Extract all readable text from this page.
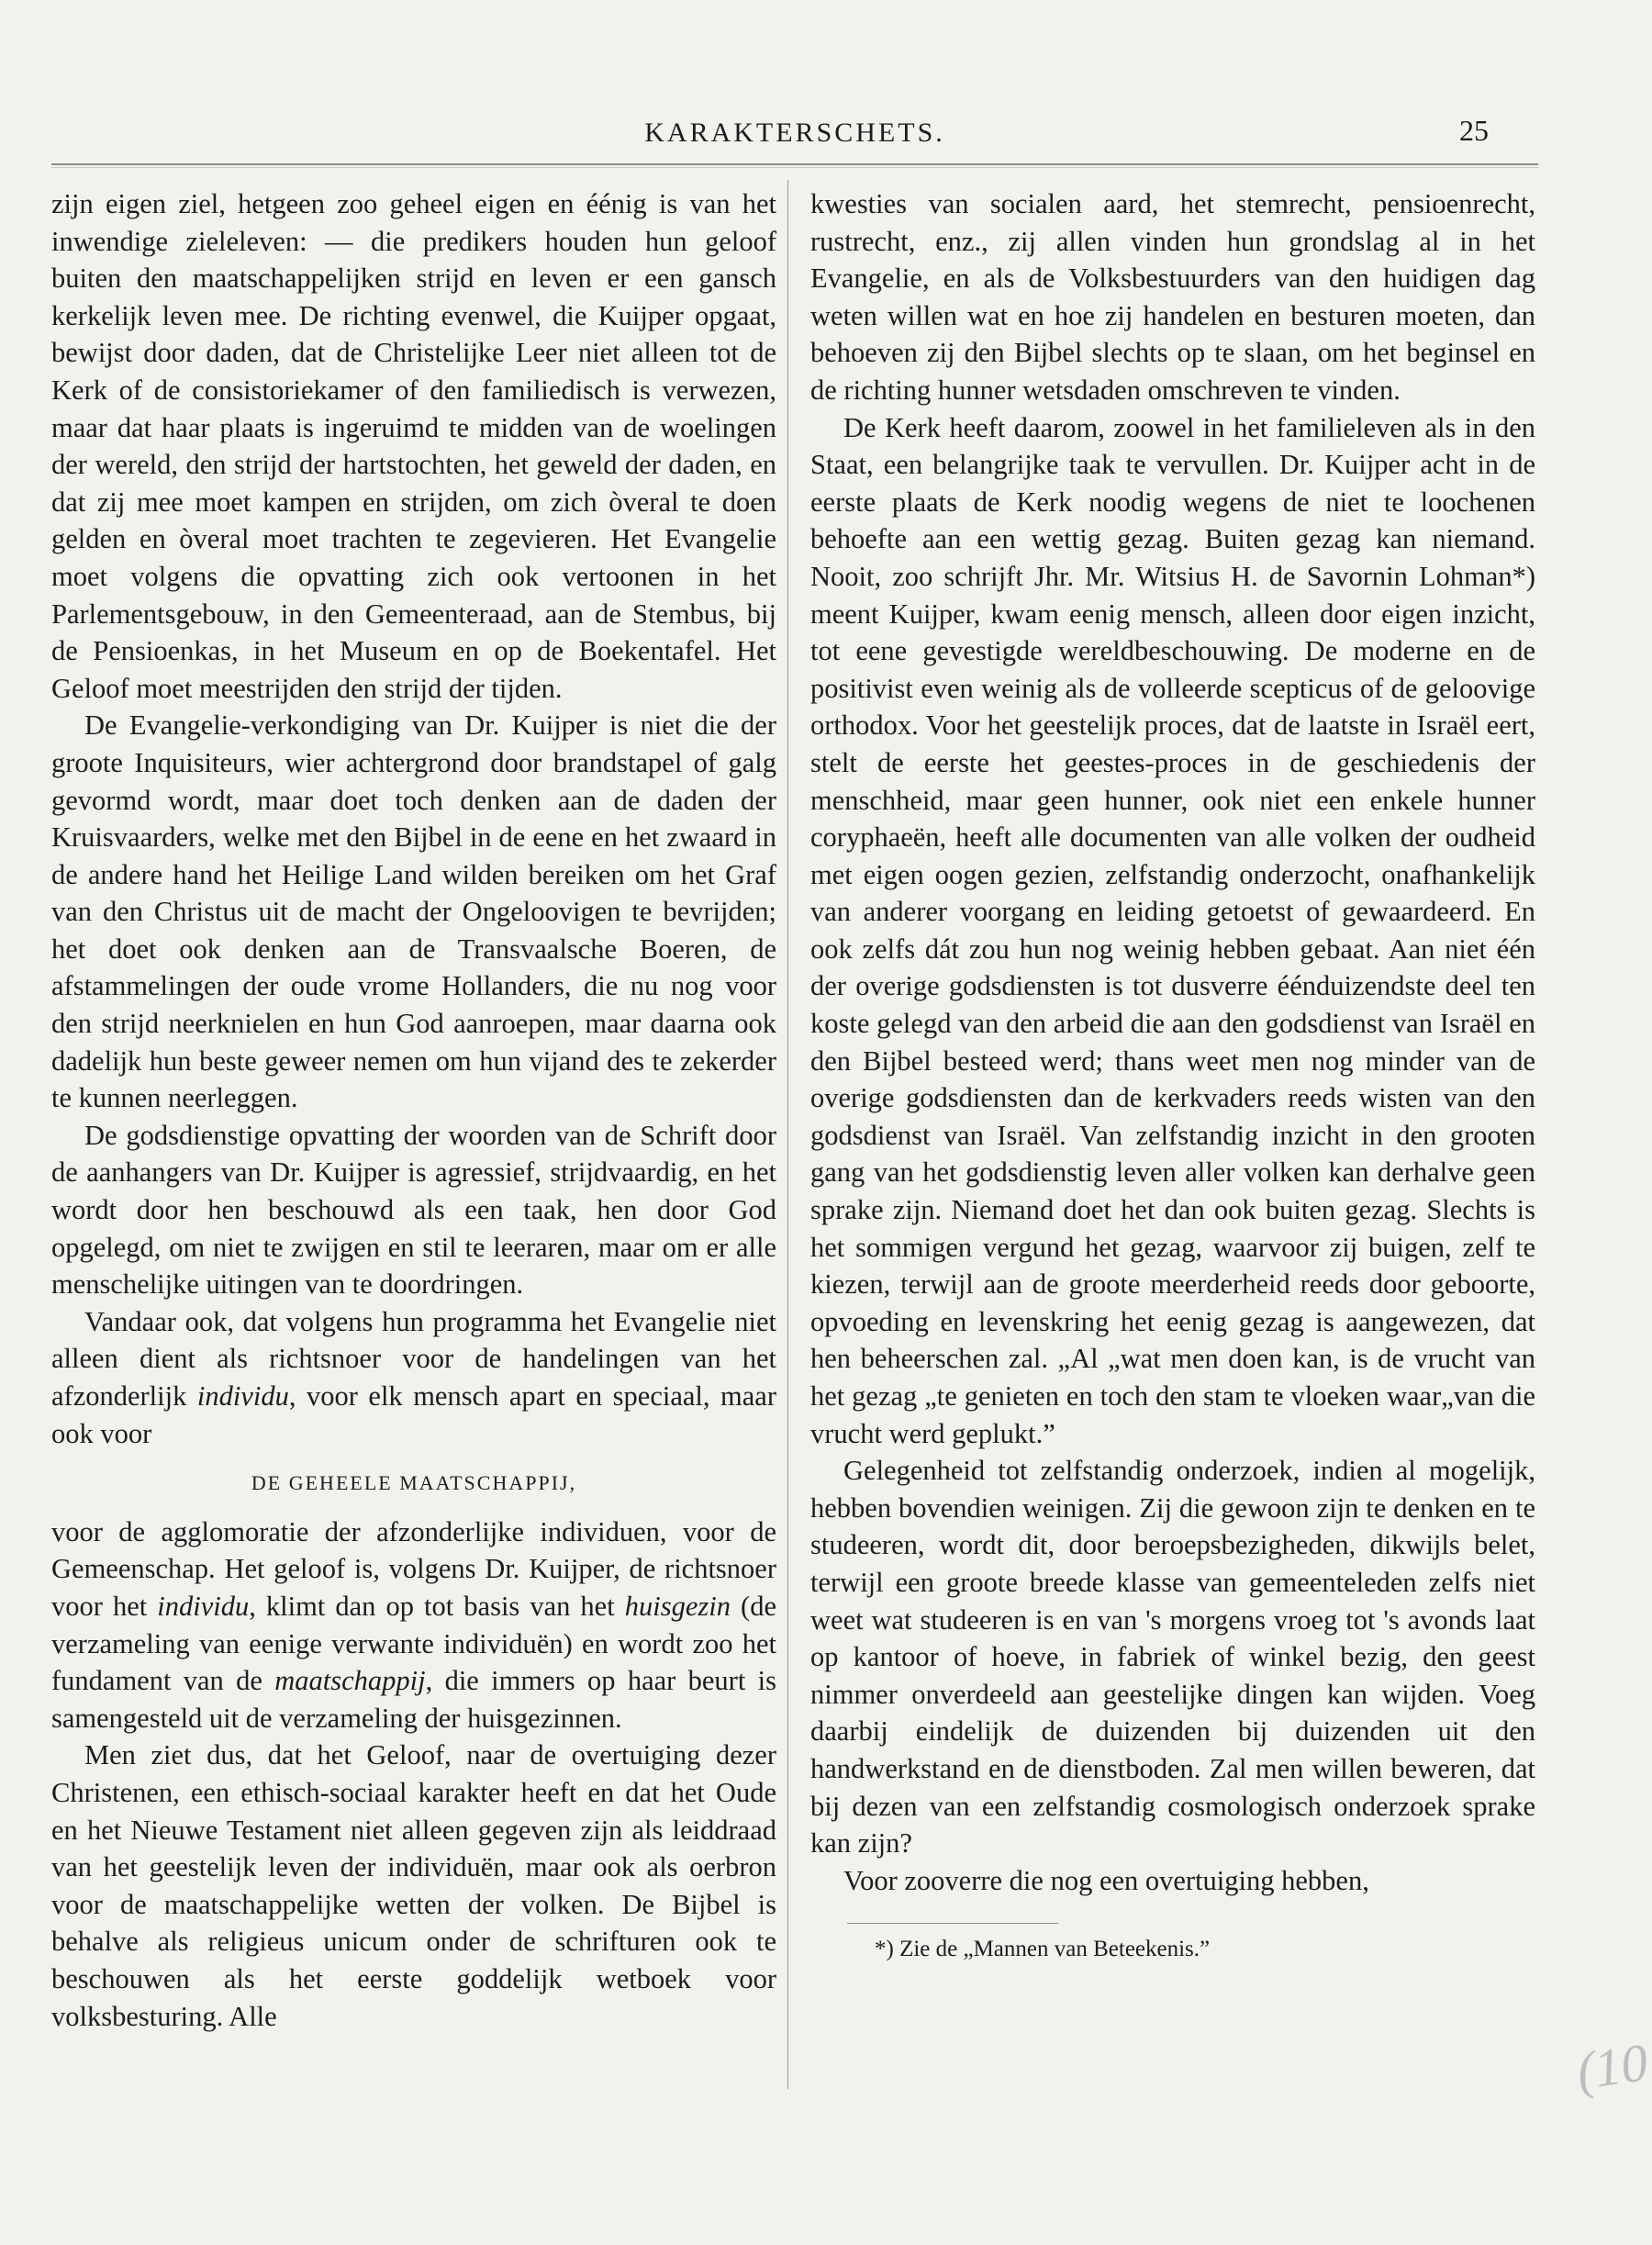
KARAKTERSCHETS.	25

zijn eigen ziel, hetgeen zoo geheel eigen en éénig is van het inwendige zieleleven: — die predikers houden hun geloof buiten den maatschappelijken strijd en leven er een gansch kerkelijk leven mee. De richting evenwel, die Kuijper opgaat, bewijst door daden, dat de Christelijke Leer niet alleen tot de Kerk of de consistoriekamer of den familiedisch is verwezen, maar dat haar plaats is ingeruimd te midden van de woelingen der wereld, den strijd der hartstochten, het geweld der daden, en dat zij mee moet kampen en strijden, om zich òveral te doen gelden en òveral moet trachten te zegevieren. Het Evangelie moet volgens die opvatting zich ook vertoonen in het Parlementsgebouw, in den Gemeenteraad, aan de Stembus, bij de Pensioenkas, in het Museum en op de Boekentafel. Het Geloof moet meestrijden den strijd der tijden.

De Evangelie-verkondiging van Dr. Kuijper is niet die der groote Inquisiteurs, wier achtergrond door brandstapel of galg gevormd wordt, maar doet toch denken aan de daden der Kruisvaarders, welke met den Bijbel in de eene en het zwaard in de andere hand het Heilige Land wilden bereiken om het Graf van den Christus uit de macht der Ongeloovigen te bevrijden; het doet ook denken aan de Transvaalsche Boeren, de afstammelingen der oude vrome Hollanders, die nu nog voor den strijd neerknielen en hun God aanroepen, maar daarna ook dadelijk hun beste geweer nemen om hun vijand des te zekerder te kunnen neerleggen.

De godsdienstige opvatting der woorden van de Schrift door de aanhangers van Dr. Kuijper is agressief, strijdvaardig, en het wordt door hen beschouwd als een taak, hen door God opgelegd, om niet te zwijgen en stil te leeraren, maar om er alle menschelijke uitingen van te doordringen.

Vandaar ook, dat volgens hun programma het Evangelie niet alleen dient als richtsnoer voor de handelingen van het afzonderlijk individu, voor elk mensch apart en speciaal, maar ook voor

DE GEHEELE MAATSCHAPPIJ,

voor de agglomoratie der afzonderlijke individuen, voor de Gemeenschap. Het geloof is, volgens Dr. Kuijper, de richtsnoer voor het individu, klimt dan op tot basis van het huisgezin (de verzameling van eenige verwante individuën) en wordt zoo het fundament van de maatschappij, die immers op haar beurt is samengesteld uit de verzameling der huisgezinnen.

Men ziet dus, dat het Geloof, naar de overtuiging dezer Christenen, een ethisch-sociaal karakter heeft en dat het Oude en het Nieuwe Testament niet alleen gegeven zijn als leiddraad van het geestelijk leven der individuën, maar ook als oerbron voor de maatschappelijke wetten der volken. De Bijbel is behalve als religieus unicum onder de schrifturen ook te beschouwen als het eerste goddelijk wetboek voor volksbesturing. Alle

kwesties van socialen aard, het stemrecht, pensioenrecht, rustrecht, enz., zij allen vinden hun grondslag al in het Evangelie, en als de Volksbestuurders van den huidigen dag weten willen wat en hoe zij handelen en besturen moeten, dan behoeven zij den Bijbel slechts op te slaan, om het beginsel en de richting hunner wetsdaden omschreven te vinden.

De Kerk heeft daarom, zoowel in het familieleven als in den Staat, een belangrijke taak te vervullen. Dr. Kuijper acht in de eerste plaats de Kerk noodig wegens de niet te loochenen behoefte aan een wettig gezag. Buiten gezag kan niemand. Nooit, zoo schrijft Jhr. Mr. Witsius H. de Savornin Lohman*) meent Kuijper, kwam eenig mensch, alleen door eigen inzicht, tot eene gevestigde wereldbeschouwing. De moderne en de positivist even weinig als de volleerde scepticus of de geloovige orthodox. Voor het geestelijk proces, dat de laatste in Israël eert, stelt de eerste het geestes-proces in de geschiedenis der menschheid, maar geen hunner, ook niet een enkele hunner coryphaeën, heeft alle documenten van alle volken der oudheid met eigen oogen gezien, zelfstandig onderzocht, onafhankelijk van anderer voorgang en leiding getoetst of gewaardeerd. En ook zelfs dát zou hun nog weinig hebben gebaat. Aan niet één der overige godsdiensten is tot dusverre éénduizendste deel ten koste gelegd van den arbeid die aan den godsdienst van Israël en den Bijbel besteed werd; thans weet men nog minder van de overige godsdiensten dan de kerkvaders reeds wisten van den godsdienst van Israël. Van zelfstandig inzicht in den grooten gang van het godsdienstig leven aller volken kan derhalve geen sprake zijn. Niemand doet het dan ook buiten gezag. Slechts is het sommigen vergund het gezag, waarvoor zij buigen, zelf te kiezen, terwijl aan de groote meerderheid reeds door geboorte, opvoeding en levenskring het eenig gezag is aangewezen, dat hen beheerschen zal. „Al „wat men doen kan, is de vrucht van het gezag „te genieten en toch den stam te vloeken waar„van die vrucht werd geplukt.”

Gelegenheid tot zelfstandig onderzoek, indien al mogelijk, hebben bovendien weinigen. Zij die gewoon zijn te denken en te studeeren, wordt dit, door beroepsbezigheden, dikwijls belet, terwijl een groote breede klasse van gemeenteleden zelfs niet weet wat studeeren is en van 's morgens vroeg tot 's avonds laat op kantoor of hoeve, in fabriek of winkel bezig, den geest nimmer onverdeeld aan geestelijke dingen kan wijden. Voeg daarbij eindelijk de duizenden bij duizenden uit den handwerkstand en de dienstboden. Zal men willen beweren, dat bij dezen van een zelfstandig cosmologisch onderzoek sprake kan zijn?

Voor zooverre die nog een overtuiging hebben,

*) Zie de „Mannen van Beteekenis.”
(10
